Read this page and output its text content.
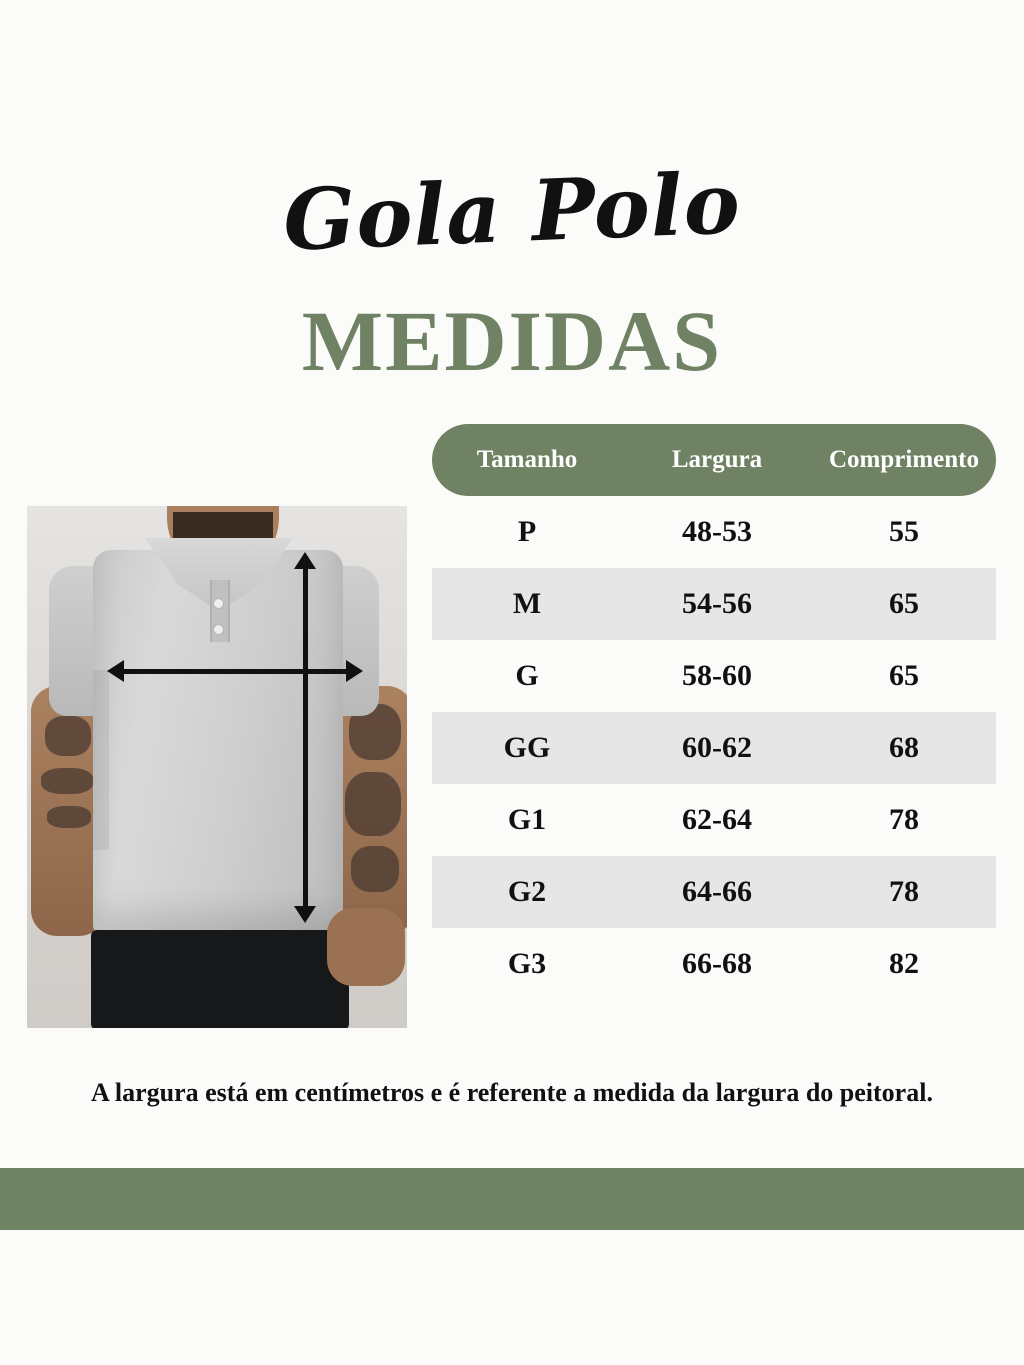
Gola Polo
MEDIDAS
Tamanho	Largura	Comprimento
P	48-53	55
M	54-56	65
G	58-60	65
GG	60-62	68
G1	62-64	78
G2	64-66	78
G3	66-68	82
A largura está em centímetros e é referente a medida da largura do peitoral.
